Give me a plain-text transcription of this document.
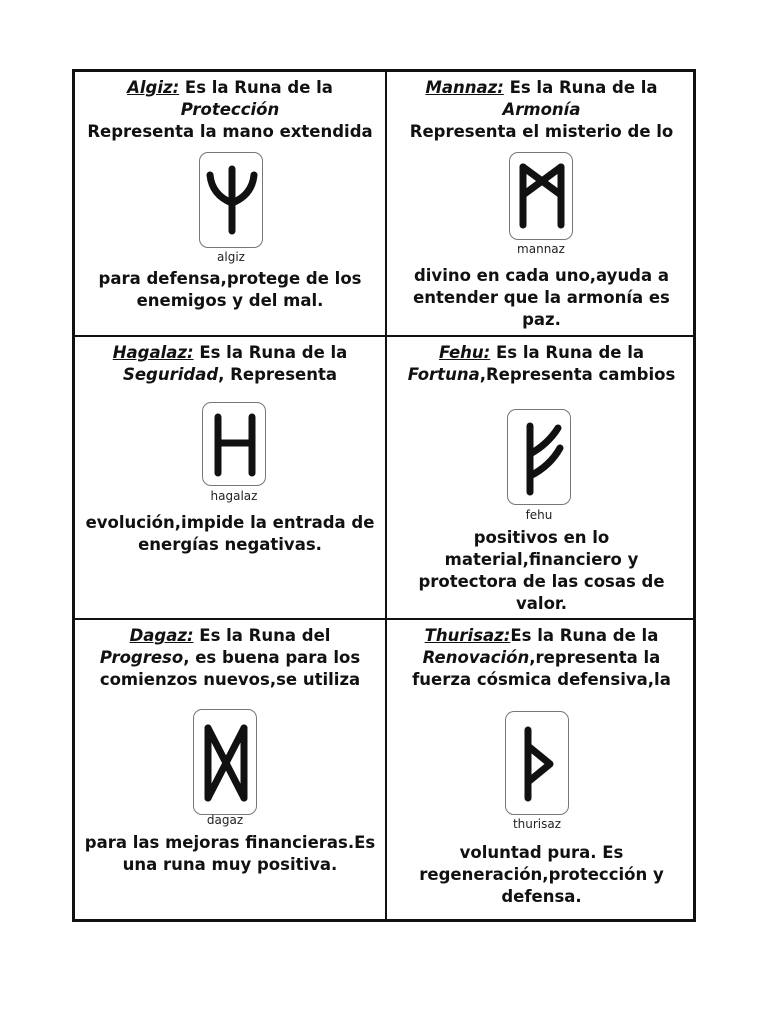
Algiz: Es la Runa de la

Protección

Representa la mano extendida

algiz

para defensa,protege de los

enemigos y del mal.

Mannaz: Es la Runa de la

Armonía

Representa el misterio de lo

mannaz

divino en cada uno,ayuda a

entender que la armonía es

paz.

Hagalaz: Es la Runa de la

Seguridad, Representa

hagalaz

evolución,impide la entrada de

energías negativas.

Fehu: Es la Runa de la

Fortuna,Representa cambios

fehu

positivos en lo

material,financiero y

protectora de las cosas de

valor.

Dagaz: Es la Runa del

Progreso, es buena para los

comienzos nuevos,se utiliza

dagaz

para las mejoras financieras.Es

una runa muy positiva.

Thurisaz:Es la Runa de la

Renovación,representa la

fuerza cósmica defensiva,la

thurisaz

voluntad pura. Es

regeneración,protección y

defensa.
